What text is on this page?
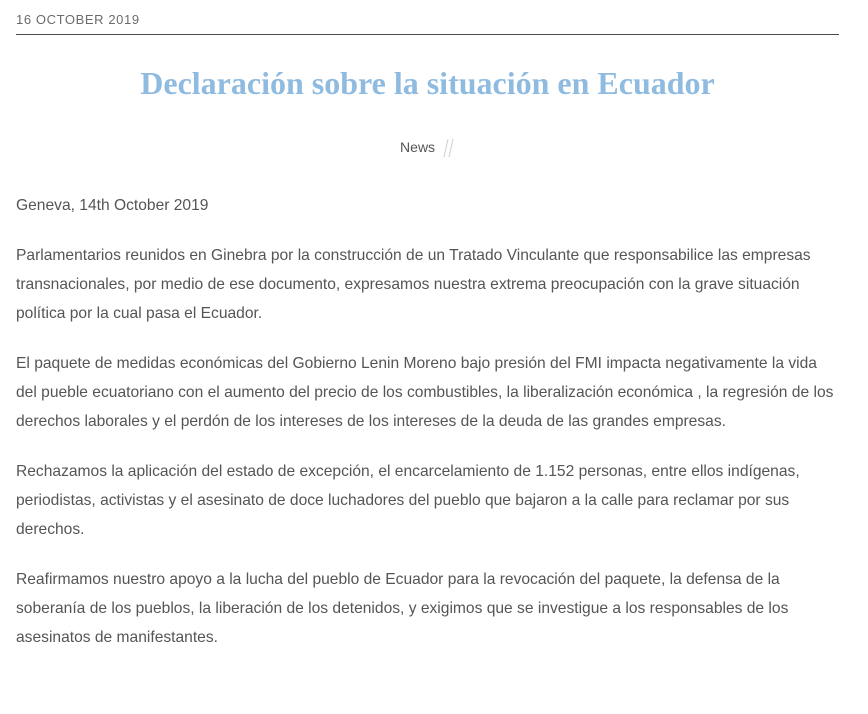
16 OCTOBER 2019
Declaración sobre la situación en Ecuador
News

Geneva, 14th October 2019

Parlamentarios reunidos en Ginebra por la construcción de un Tratado Vinculante que responsabilice las empresas transnacionales, por medio de ese documento, expresamos nuestra extrema preocupación con la grave situación política por la cual pasa el Ecuador.

El paquete de medidas económicas del Gobierno Lenin Moreno bajo presión del FMI impacta negativamente la vida del pueble ecuatoriano con el aumento del precio de los combustibles, la liberalización económica , la regresión de los derechos laborales y el perdón de los intereses de los intereses de la deuda de las grandes empresas.

Rechazamos la aplicación del estado de excepción, el encarcelamiento de 1.152 personas, entre ellos indígenas, periodistas, activistas y el asesinato de doce luchadores del pueblo que bajaron a la calle para reclamar por sus derechos.

Reafirmamos nuestro apoyo a la lucha del pueblo de Ecuador para la revocación del paquete, la defensa de la soberanía de los pueblos, la liberación de los detenidos, y exigimos que se investigue a los responsables de los asesinatos de manifestantes.
